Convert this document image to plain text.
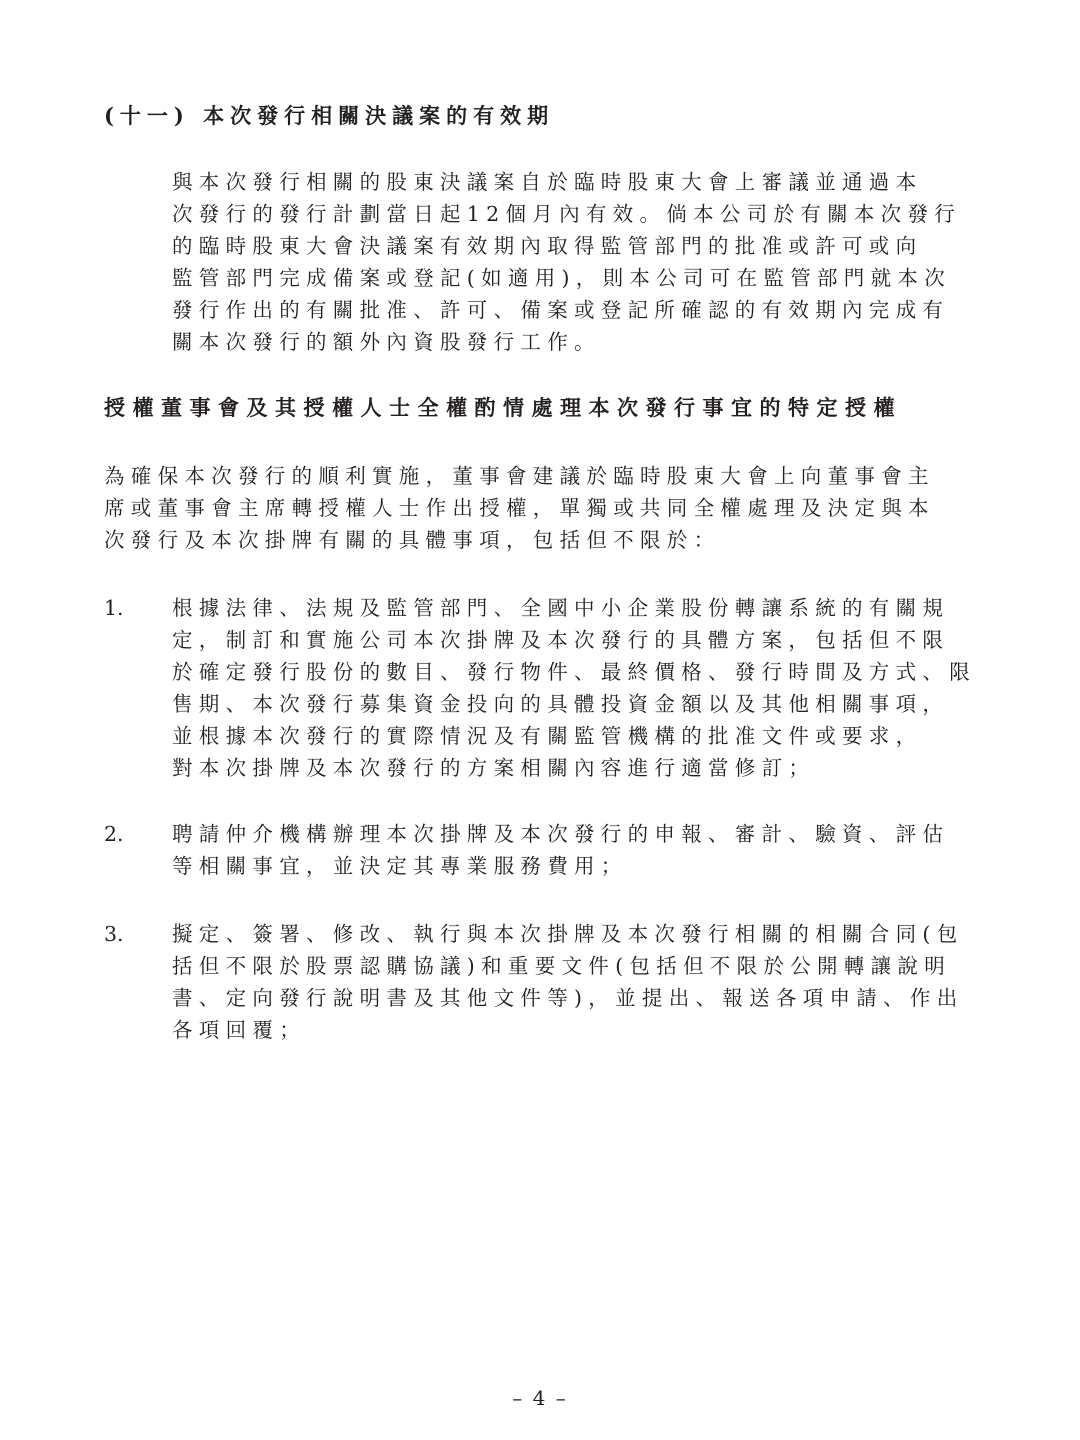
(十一) 本次發行相關決議案的有效期
與本次發行相關的股東決議案自於臨時股東大會上審議並通過本
次發行的發行計劃當日起12個月內有效。倘本公司於有關本次發行
的臨時股東大會決議案有效期內取得監管部門的批准或許可或向
監管部門完成備案或登記(如適用)，則本公司可在監管部門就本次
發行作出的有關批准、許可、備案或登記所確認的有效期內完成有
關本次發行的額外內資股發行工作。
授權董事會及其授權人士全權酌情處理本次發行事宜的特定授權
為確保本次發行的順利實施，董事會建議於臨時股東大會上向董事會主
席或董事會主席轉授權人士作出授權，單獨或共同全權處理及決定與本
次發行及本次掛牌有關的具體事項，包括但不限於：
1. 根據法律、法規及監管部門、全國中小企業股份轉讓系統的有關規
定，制訂和實施公司本次掛牌及本次發行的具體方案，包括但不限
於確定發行股份的數目、發行物件、最終價格、發行時間及方式、限
售期、本次發行募集資金投向的具體投資金額以及其他相關事項，
並根據本次發行的實際情況及有關監管機構的批准文件或要求，
對本次掛牌及本次發行的方案相關內容進行適當修訂；
2. 聘請仲介機構辦理本次掛牌及本次發行的申報、審計、驗資、評估
等相關事宜，並決定其專業服務費用；
3. 擬定、簽署、修改、執行與本次掛牌及本次發行相關的相關合同(包
括但不限於股票認購協議)和重要文件(包括但不限於公開轉讓說明
書、定向發行說明書及其他文件等)，並提出、報送各項申請、作出
各項回覆；
– 4 –
